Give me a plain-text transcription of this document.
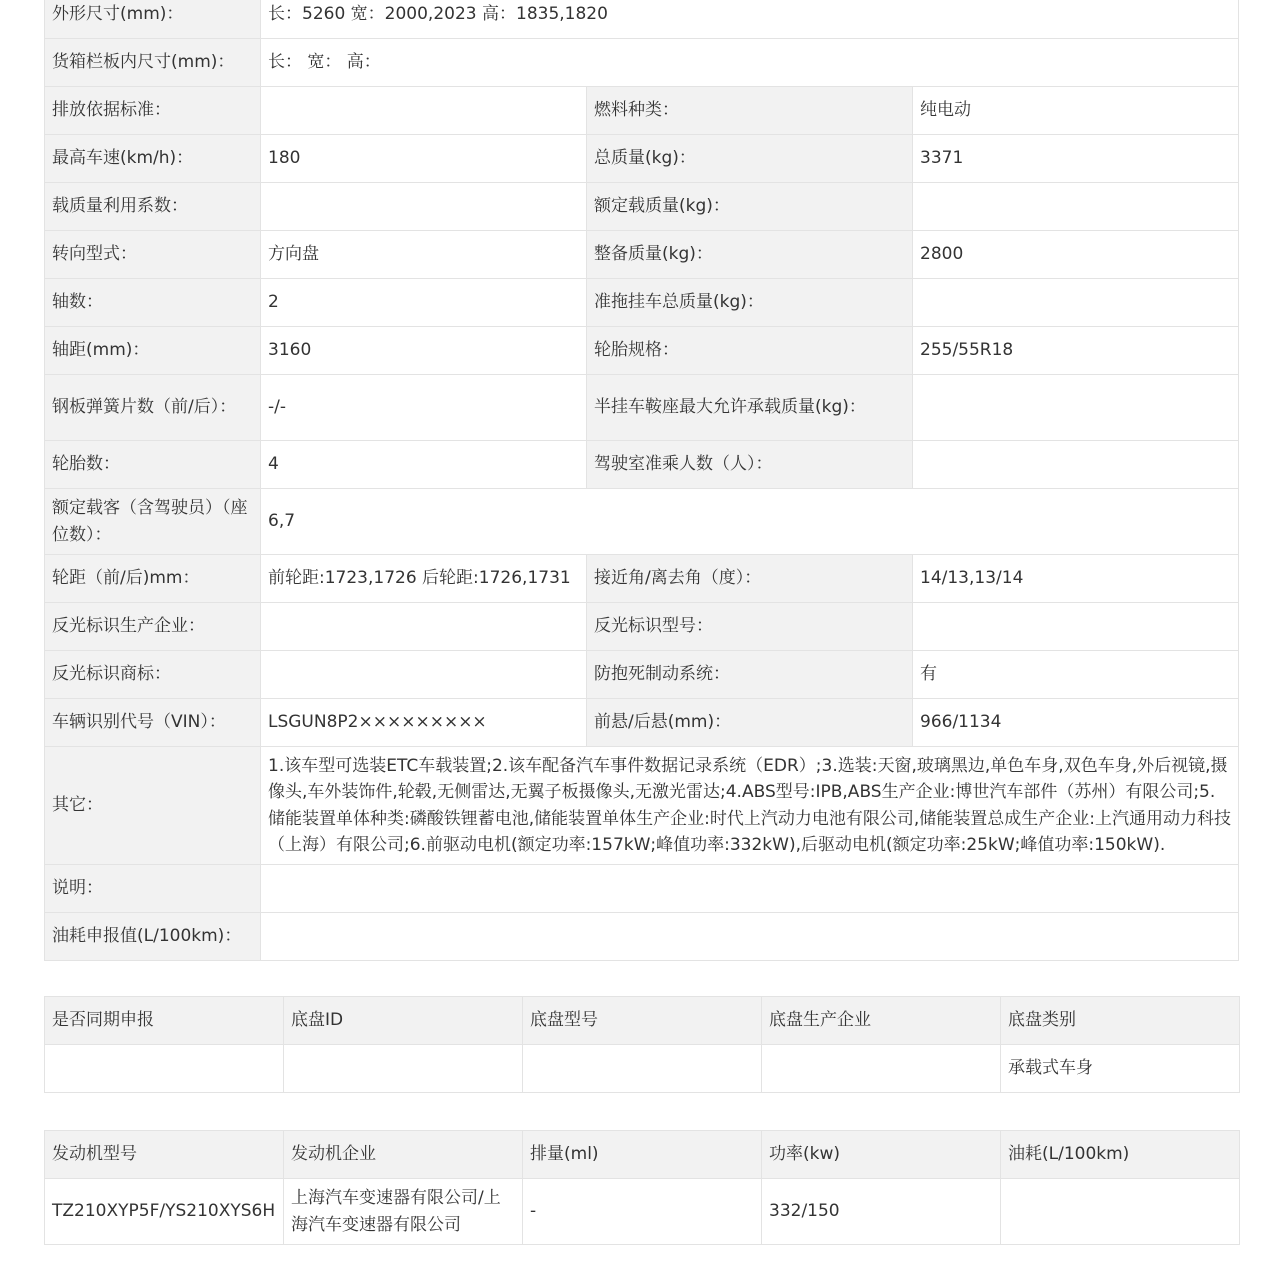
外形尺寸(mm)：	长：5260 宽：2000,2023 高：1835,1820		
货箱栏板内尺寸(mm)：	长： 宽： 高：		
排放依据标准：		燃料种类：	纯电动
最高车速(km/h)：	180	总质量(kg)：	3371
载质量利用系数：		额定载质量(kg)：	
转向型式：	方向盘	整备质量(kg)：	2800
轴数：	2	准拖挂车总质量(kg)：	
轴距(mm)：	3160	轮胎规格：	255/55R18
钢板弹簧片数（前/后）：	-/-	半挂车鞍座最大允许承载质量(kg)：	
轮胎数：	4	驾驶室准乘人数（人）：	
额定载客（含驾驶员）（座位数）：	6,7		
轮距（前/后)mm：	前轮距:1723,1726 后轮距:1726,1731	接近角/离去角（度）：	14/13,13/14
反光标识生产企业：		反光标识型号：	
反光标识商标：		防抱死制动系统：	有
车辆识别代号（VIN）：	LSGUN8P2×××××××××	前悬/后悬(mm)：	966/1134
其它：	1.该车型可选装ETC车载装置;2.该车配备汽车事件数据记录系统（EDR）;3.选装:天窗,玻璃黑边,单色车身,双色车身,外后视镜,摄像头,车外装饰件,轮毂,无侧雷达,无翼子板摄像头,无激光雷达;4.ABS型号:IPB,ABS生产企业:博世汽车部件（苏州）有限公司;5.储能装置单体种类:磷酸铁锂蓄电池,储能装置单体生产企业:时代上汽动力电池有限公司,储能装置总成生产企业:上汽通用动力科技（上海）有限公司;6.前驱动电机(额定功率:157kW;峰值功率:332kW),后驱动电机(额定功率:25kW;峰值功率:150kW).		
说明：			
油耗申报值(L/100km)：			
是否同期申报	底盘ID	底盘型号	底盘生产企业	底盘类别
				承载式车身
发动机型号	发动机企业	排量(ml)	功率(kw)	油耗(L/100km)
TZ210XYP5F/YS210XYS6H	上海汽车变速器有限公司/上海汽车变速器有限公司	-	332/150	
